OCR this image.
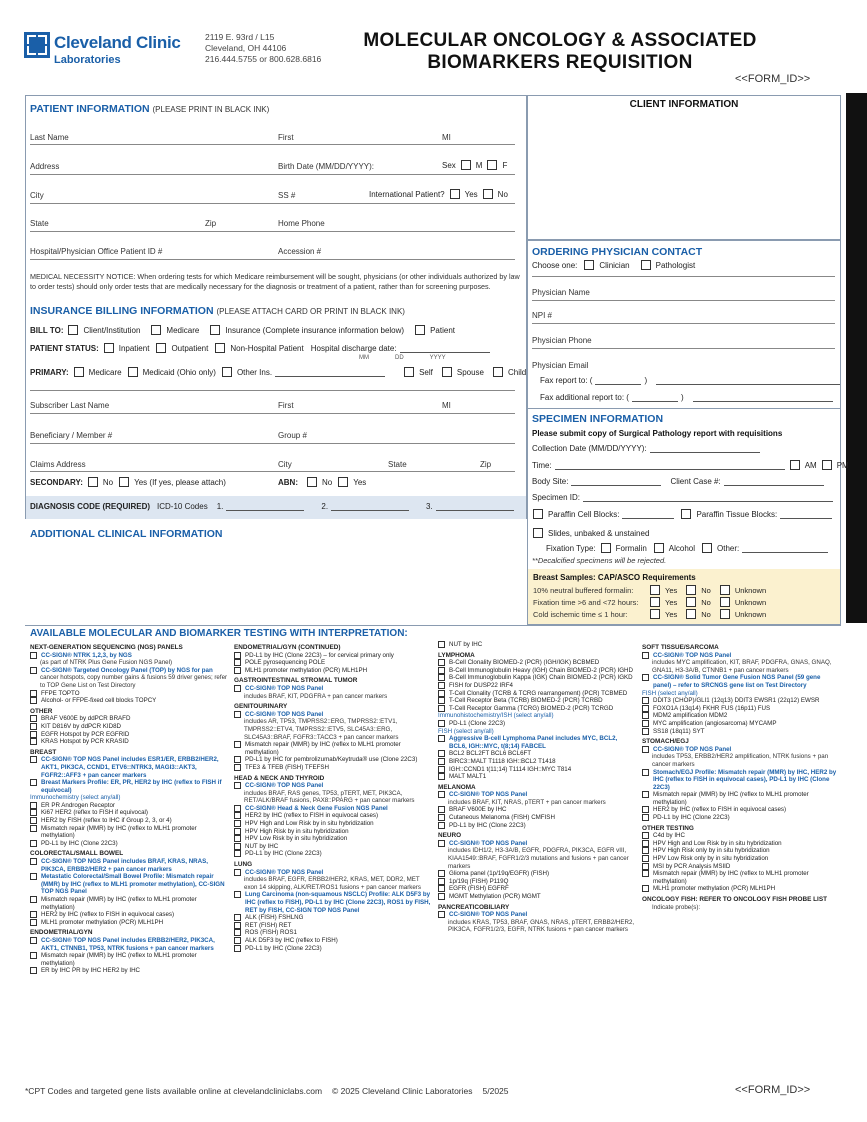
Cleveland Clinic
Laboratories
2119 E. 93rd / L15
Cleveland, OH 44106
216.444.5755 or 800.628.6816
MOLECULAR ONCOLOGY & ASSOCIATED
BIOMARKERS REQUISITION
<<FORM_ID>>
PATIENT INFORMATION (PLEASE PRINT IN BLACK INK)
Last Name	First	MI
Address	Birth Date (MM/DD/YYYY):	Sex	M	F
City	SS #	International Patient?	Yes	No
State	Zip	Home Phone
Hospital/Physician Office Patient ID #	Accession #
MEDICAL NECESSITY NOTICE: When ordering tests for which Medicare reimbursement will be sought, physicians (or other individuals authorized by law to order tests) should only order tests that are medically necessary for the diagnosis or treatment of a patient, rather than for screening purposes.
INSURANCE BILLING INFORMATION (PLEASE ATTACH CARD OR PRINT IN BLACK INK)
BILL TO:	Client/Institution	Medicare	Insurance (Complete insurance information below)	Patient
PATIENT STATUS:	Inpatient	Outpatient	Non-Hospital Patient Hospital discharge date:
MM	DD	YYYY
PRIMARY:	Medicare	Medicaid (Ohio only)	Other Ins.	Self	Spouse	Child
Subscriber Last Name	First	MI
Beneficiary / Member #	Group #
Claims Address	City	State	Zip
SECONDARY:	No	Yes (If yes, please attach)	ABN:	No	Yes
DIAGNOSIS CODE (REQUIRED) ICD-10 Codes 1.	2.	3.
ADDITIONAL CLINICAL INFORMATION
CLIENT INFORMATION
ORDERING PHYSICIAN CONTACT
Choose one:	Clinician	Pathologist
Physician Name
NPI #
Physician Phone
Physician Email
Fax report to: (	)
Fax additional report to: (	)
SPECIMEN INFORMATION
Please submit copy of Surgical Pathology report with requisitions
Collection Date (MM/DD/YYYY):
Time:	AM	PM
Body Site:	Client Case #:
Specimen ID:
Paraffin Cell Blocks:	Paraffin Tissue Blocks:
Slides, unbaked & unstained
Fixation Type:	Formalin	Alcohol	Other:
**Decalcified specimens will be rejected.
Breast Samples: CAP/ASCO Requirements
10% neutral buffered formalin:	Yes	No	Unknown
Fixation time >6 and <72 hours:	Yes	No	Unknown
Cold ischemic time ≤ 1 hour:	Yes	No	Unknown
AVAILABLE MOLECULAR AND BIOMARKER TESTING WITH INTERPRETATION:
NEXT-GENERATION SEQUENCING (NGS) PANELS
CC-SIGN® NTRK 1,2,3, by NGS
(as part of NTRK Plus Gene Fusion NGS Panel)
CC-SIGN® Targeted Oncology Panel (TOP) by NGS for pan
cancer hotspots, copy number gains & fusions 59 driver genes; refer to TOP Gene List on Test Directory
FFPE TOPTO
Alcohol- or FFPE-fixed cell blocks TOPCY
OTHER
BRAF V600E by ddPCR BRAFD
KIT D816V by ddPCR KID8D
EGFR Hotspot by PCR EGFRID
KRAS Hotspot by PCR KRASID
BREAST
CC-SIGN® TOP NGS Panel includes ESR1/ER, ERBB2/HER2, AKT1, PIK3CA, CCND1, ETV6::NTRK3, MAGI3::AKT3, FGFR2::AFF3 + pan cancer markers
Breast Markers Profile: ER, PR, HER2 by IHC (reflex to FISH if equivocal)
Immunochemistry (select any/all)
ER PR Androgen Receptor
Ki67 HER2 (reflex to FISH if equivocal)
HER2 by FISH (reflex to IHC if Group 2, 3, or 4)
Mismatch repair (MMR) by IHC (reflex to MLH1 promoter methylation)
PD-L1 by IHC (Clone 22C3)
COLORECTAL/SMALL BOWEL
CC-SIGN® TOP NGS Panel includes BRAF, KRAS, NRAS, PIK3CA, ERBB2/HER2 + pan cancer markers
Metastatic Colorectal/Small Bowel Profile: Mismatch repair (MMR) by IHC (reflex to MLH1 promoter methylation), CC-SIGN TOP NGS Panel
Mismatch repair (MMR) by IHC (reflex to MLH1 promoter methylation)
HER2 by IHC (reflex to FISH in equivocal cases)
MLH1 promoter methylation (PCR) MLH1PH
ENDOMETRIAL/GYN
CC-SIGN® TOP NGS Panel includes ERBB2/HER2, PIK3CA, AKT1, CTNNB1, TP53, NTRK fusions + pan cancer markers
Mismatch repair (MMR) by IHC (reflex to MLH1 promoter methylation)
ER by IHC PR by IHC HER2 by IHC
ENDOMETRIAL/GYN (CONTINUED)
PD-L1 by IHC (Clone 22C3) – for cervical primary only
POLE pyrosequencing POLE
MLH1 promoter methylation (PCR) MLH1PH
GASTROINTESTINAL STROMAL TUMOR
CC-SIGN® TOP NGS Panel
includes BRAF, KIT, PDGFRA + pan cancer markers
GENITOURINARY
CC-SIGN® TOP NGS Panel
includes AR, TP53, TMPRSS2::ERG, TMPRSS2::ETV1, TMPRSS2::ETV4, TMPRSS2::ETV5, SLC45A3::ERG, SLC45A3::BRAF, FGFR3::TACC3 + pan cancer markers
Mismatch repair (MMR) by IHC (reflex to MLH1 promoter methylation)
PD-L1 by IHC for pembrolizumab/Keytruda® use (Clone 22C3)
TFE3 & TFEB (FISH) TFEFSH
HEAD & NECK AND THYROID
CC-SIGN® TOP NGS Panel
includes BRAF, RAS genes, TP53, pTERT, MET, PIK3CA, RET/ALK/BRAF fusions, PAX8::PPARG + pan cancer markers
CC-SIGN® Head & Neck Gene Fusion NGS Panel
HER2 by IHC (reflex to FISH in equivocal cases)
HPV High and Low Risk by in situ hybridization
HPV High Risk by in situ hybridization
HPV Low Risk by in situ hybridization
NUT by IHC
PD-L1 by IHC (Clone 22C3)
LUNG
CC-SIGN® TOP NGS Panel
includes BRAF, EGFR, ERBB2/HER2, KRAS, MET, DDR2, MET exon 14 skipping, ALK/RET/ROS1 fusions + pan cancer markers
Lung Carcinoma (non-squamous NSCLC) Profile: ALK D5F3 by IHC (reflex to FISH), PD-L1 by IHC (Clone 22C3), ROS1 by FISH, RET by FISH, CC-SIGN TOP NGS Panel
ALK (FISH) FSHLNG
RET (FISH) RET
ROS (FISH) ROS1
ALK D5F3 by IHC (reflex to FISH)
PD-L1 by IHC (Clone 22C3)
NUT by IHC
LYMPHOMA
B-Cell Clonality BIOMED-2 (PCR) (IGH/IGK) BCBMED
B-Cell Immunoglobulin Heavy (IGH) Chain BIOMED-2 (PCR) IGHD
B-Cell Immunoglobulin Kappa (IGK) Chain BIOMED-2 (PCR) IGKD
FISH for DUSP22 IRF4
T-Cell Clonality (TCRB & TCRG rearrangement) (PCR) TCBMED
T-Cell Receptor Beta (TCRB) BIOMED-2 (PCR) TCRBD
T-Cell Receptor Gamma (TCRG) BIOMED-2 (PCR) TCRGD
Immunohistochemistry/ISH (select any/all)
PD-L1 (Clone 22C3)
FISH (select any/all)
Aggressive B-cell Lymphoma Panel includes MYC, BCL2, BCL6, IGH::MYC, t(8;14) FABCEL
BCL2 BCL2FT BCL6 BCL6FT
BIRC3::MALT T1118 IGH::BCL2 T1418
IGH::CCND1 t(11;14) T1114 IGH::MYC T814
MALT MALT1
MELANOMA
CC-SIGN® TOP NGS Panel
includes BRAF, KIT, NRAS, pTERT + pan cancer markers
BRAF V600E by IHC
Cutaneous Melanoma (FISH) CMFISH
PD-L1 by IHC (Clone 22C3)
NEURO
CC-SIGN® TOP NGS Panel
includes IDH1/2, H3-3A/B, EGFR, PDGFRA, PIK3CA, EGFR vIII, KIAA1549::BRAF, FGFR1/2/3 mutations and fusions + pan cancer markers
Glioma panel (1p/19q/EGFR) (FISH)
1p/19q (FISH) P119Q
EGFR (FISH) EGFRF
MGMT Methylation (PCR) MGMT
PANCREATICOBILIARY
CC-SIGN® TOP NGS Panel
includes KRAS, TP53, BRAF, GNAS, NRAS, pTERT, ERBB2/HER2, PIK3CA, FGFR1/2/3, EGFR, NTRK fusions + pan cancer markers
SOFT TISSUE/SARCOMA
CC-SIGN® TOP NGS Panel
includes MYC amplification, KIT, BRAF, PDGFRA, GNAS, GNAQ, GNA11, H3-3A/B, CTNNB1 + pan cancer markers
CC-SIGN® Solid Tumor Gene Fusion NGS Panel (59 gene panel) – refer to SRCNGS gene list on Test Directory
FISH (select any/all)
DDIT3 (CHOP)/GLI1 (12q13) DDIT3 EWSR1 (22q12) EWSR
FOXO1A (13q14) FKHR FUS (16p11) FUS
MDM2 amplification MDM2
MYC amplification (angiosarcoma) MYCAMP
SS18 (18q11) SYT
STOMACH/EGJ
CC-SIGN® TOP NGS Panel
includes TP53, ERBB2/HER2 amplification, NTRK fusions + pan cancer markers
Stomach/EGJ Profile: Mismatch repair (MMR) by IHC, HER2 by IHC (reflex to FISH in equivocal cases), PD-L1 by IHC (Clone 22C3)
Mismatch repair (MMR) by IHC (reflex to MLH1 promoter methylation)
HER2 by IHC (reflex to FISH in equivocal cases)
PD-L1 by IHC (Clone 22C3)
OTHER TESTING
C4d by IHC
HPV High and Low Risk by in situ hybridization
HPV High Risk only by in situ hybridization
HPV Low Risk only by in situ hybridization
MSI by PCR Analysis MSIID
Mismatch repair (MMR) by IHC (reflex to MLH1 promoter methylation)
MLH1 promoter methylation (PCR) MLH1PH
ONCOLOGY FISH: REFER TO ONCOLOGY FISH PROBE LIST
Indicate probe(s):
*CPT Codes and targeted gene lists available online at clevelandcliniclabs.com © 2025 Cleveland Clinic Laboratories 5/2025	<<FORM_ID>>
